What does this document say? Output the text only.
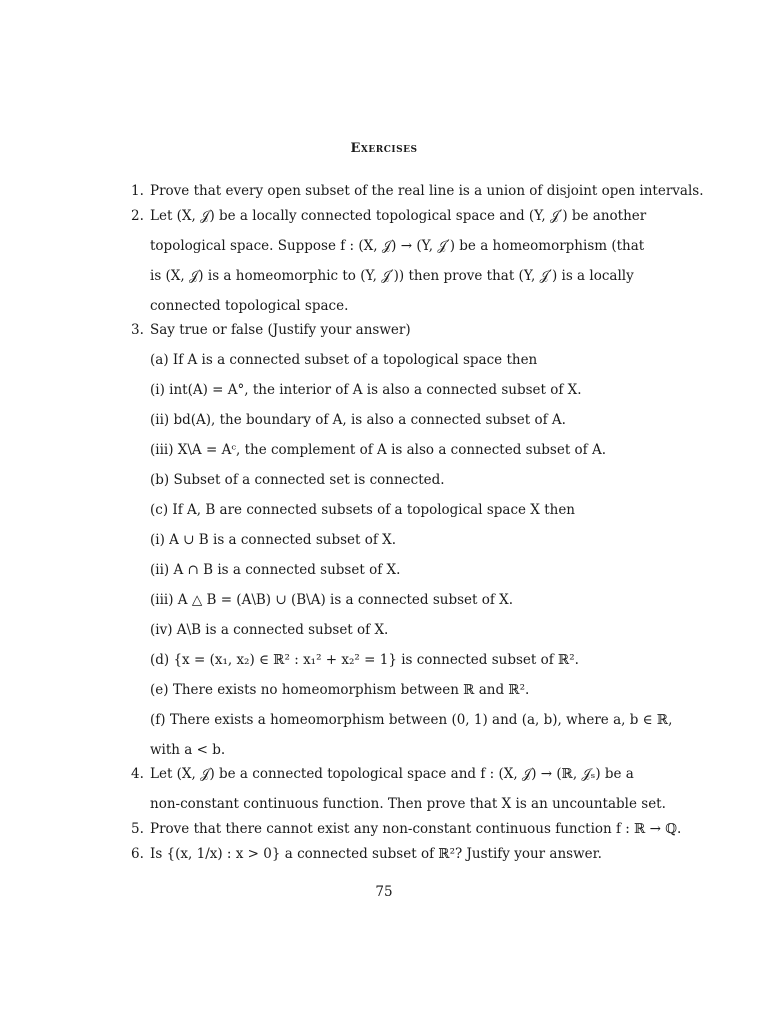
Exercises
1. Prove that every open subset of the real line is a union of disjoint open intervals.
2. Let (X, 𝒥) be a locally connected topological space and (Y, 𝒥′) be another
topological space. Suppose f : (X, 𝒥) → (Y, 𝒥′) be a homeomorphism (that
is (X, 𝒥) is a homeomorphic to (Y, 𝒥′)) then prove that (Y, 𝒥′) is a locally
connected topological space.
3. Say true or false (Justify your answer)
(a) If A is a connected subset of a topological space then
(i) int(A) = A°, the interior of A is also a connected subset of X.
(ii) bd(A), the boundary of A, is also a connected subset of A.
(iii) X\A = Aᶜ, the complement of A is also a connected subset of A.
(b) Subset of a connected set is connected.
(c) If A, B are connected subsets of a topological space X then
(i) A ∪ B is a connected subset of X.
(ii) A ∩ B is a connected subset of X.
(iii) A △ B = (A\B) ∪ (B\A) is a connected subset of X.
(iv) A\B is a connected subset of X.
(d) {x = (x₁, x₂) ∈ ℝ² : x₁² + x₂² = 1} is connected subset of ℝ².
(e) There exists no homeomorphism between ℝ and ℝ².
(f) There exists a homeomorphism between (0, 1) and (a, b), where a, b ∈ ℝ,
with a < b.
4. Let (X, 𝒥) be a connected topological space and f : (X, 𝒥) → (ℝ, 𝒥ₛ) be a
non-constant continuous function. Then prove that X is an uncountable set.
5. Prove that there cannot exist any non-constant continuous function f : ℝ → ℚ.
6. Is {(x, 1/x) : x > 0} a connected subset of ℝ²? Justify your answer.
75
